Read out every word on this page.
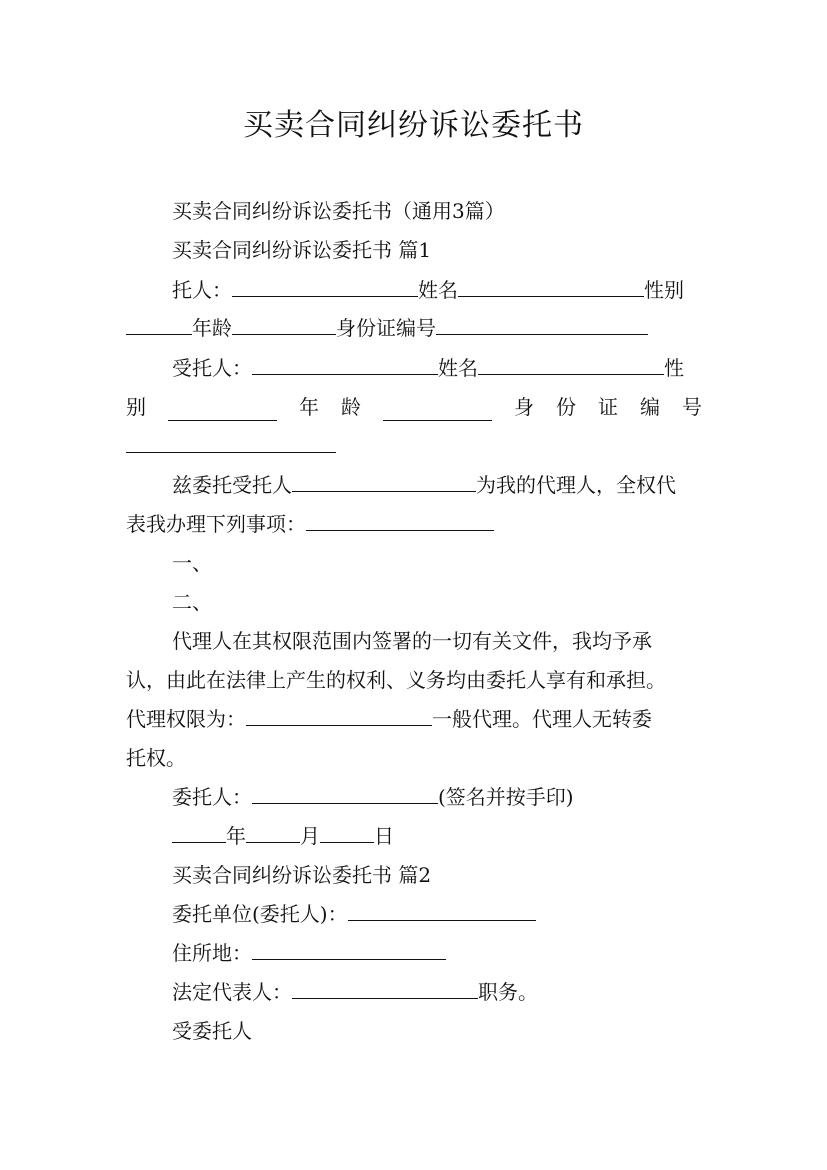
买卖合同纠纷诉讼委托书
买卖合同纠纷诉讼委托书（通用3篇）
买卖合同纠纷诉讼委托书 篇1
托人：	姓名	性别
年龄	身份证编号
受托人：	姓名	性
别	年 龄	身 份 证 编 号
兹委托受托人	为我的代理人，全权代
表我办理下列事项：
一、
二、
代理人在其权限范围内签署的一切有关文件，我均予承
认，由此在法律上产生的权利、义务均由委托人享有和承担。
代理权限为：	一般代理。代理人无转委
托权。
委托人：	(签名并按手印)
年	月	日
买卖合同纠纷诉讼委托书 篇2
委托单位(委托人)：
住所地：
法定代表人：	职务。
受委托人
